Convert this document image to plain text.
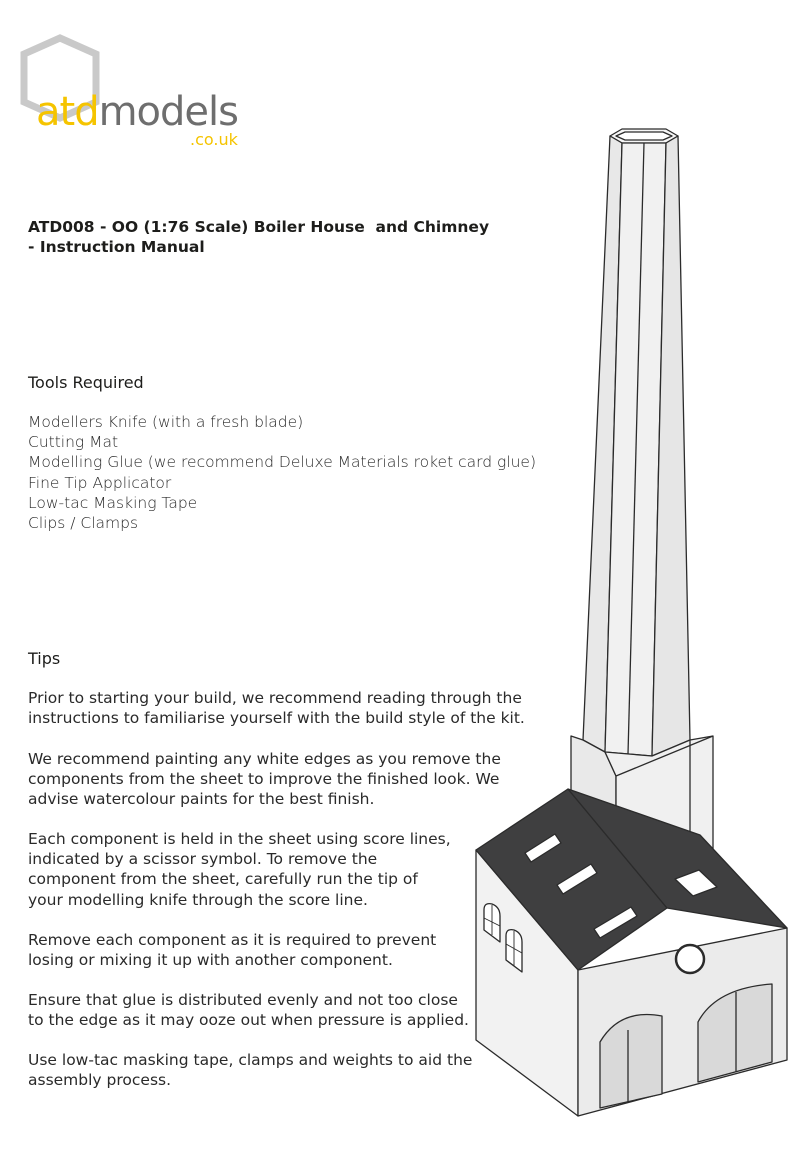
atdmodels
.co.uk
ATD008 - OO (1:76 Scale) Boiler House  and Chimney
- Instruction Manual
Tools Required
Modellers Knife (with a fresh blade)
Cutting Mat
Modelling Glue (we recommend Deluxe Materials roket card glue)
Fine Tip Applicator
Low-tac Masking Tape
Clips / Clamps
Tips

Prior to starting your build, we recommend reading through the
instructions to familiarise yourself with the build style of the kit.

We recommend painting any white edges as you remove the
components from the sheet to improve the finished look. We
advise watercolour paints for the best finish.

Each component is held in the sheet using score lines,
indicated by a scissor symbol. To remove the
component from the sheet, carefully run the tip of
your modelling knife through the score line.

Remove each component as it is required to prevent
losing or mixing it up with another component.

Ensure that glue is distributed evenly and not too close
to the edge as it may ooze out when pressure is applied.

Use low-tac masking tape, clamps and weights to aid the
assembly process.
